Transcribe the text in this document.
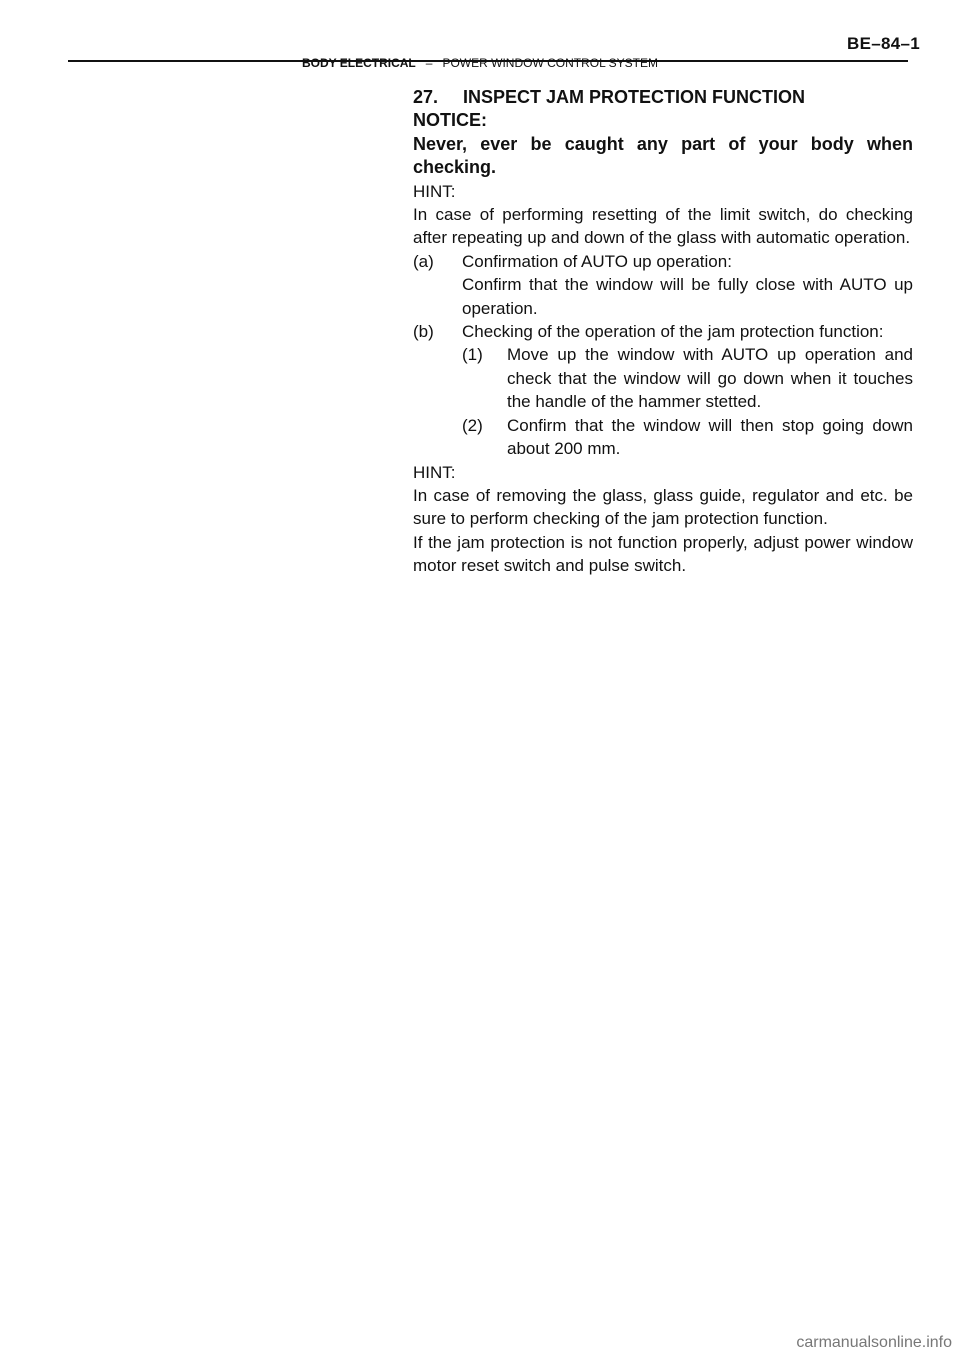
BE–84–1
BODY ELECTRICAL – POWER WINDOW CONTROL SYSTEM

27. INSPECT JAM PROTECTION FUNCTION

NOTICE:

Never, ever be caught any part of your body when checking.

HINT:

In case of performing resetting of the limit switch, do checking after repeating up and down of the glass with automatic operation.

(a)	Confirmation of AUTO up operation:

Confirm that the window will be fully close with AUTO up operation.

(b)	Checking of the operation of the jam protection function:
(1)	Move up the window with AUTO up operation and check that the window will go down when it touches the handle of the hammer stetted.
(2)	Confirm that the window will then stop going down about 200 mm.

HINT:

In case of removing the glass, glass guide, regulator and etc. be sure to perform checking of the jam protection function.

If the jam protection is not function properly, adjust power window motor reset switch and pulse switch.

carmanualsonline.info
